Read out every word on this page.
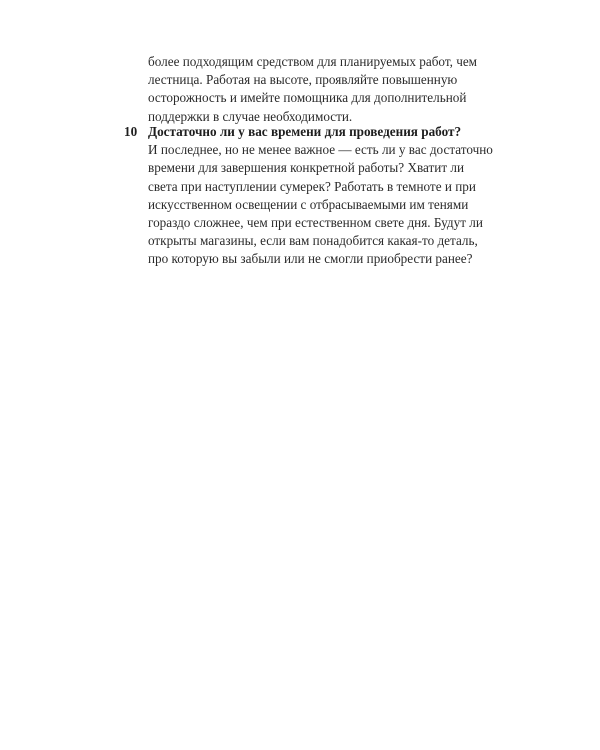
более подходящим средством для планируемых работ, чем
лестница. Работая на высоте, проявляйте повышенную
осторожность и имейте помощника для дополнительной
поддержки в случае необходимости.
10 Достаточно ли у вас времени для проведения работ?
И последнее, но не менее важное — есть ли у вас достаточно
времени для завершения конкретной работы? Хватит ли
света при наступлении сумерек? Работать в темноте и при
искусственном освещении с отбрасываемыми им тенями
гораздо сложнее, чем при естественном свете дня. Будут ли
открыты магазины, если вам понадобится какая-то деталь,
про которую вы забыли или не смогли приобрести ранее?
